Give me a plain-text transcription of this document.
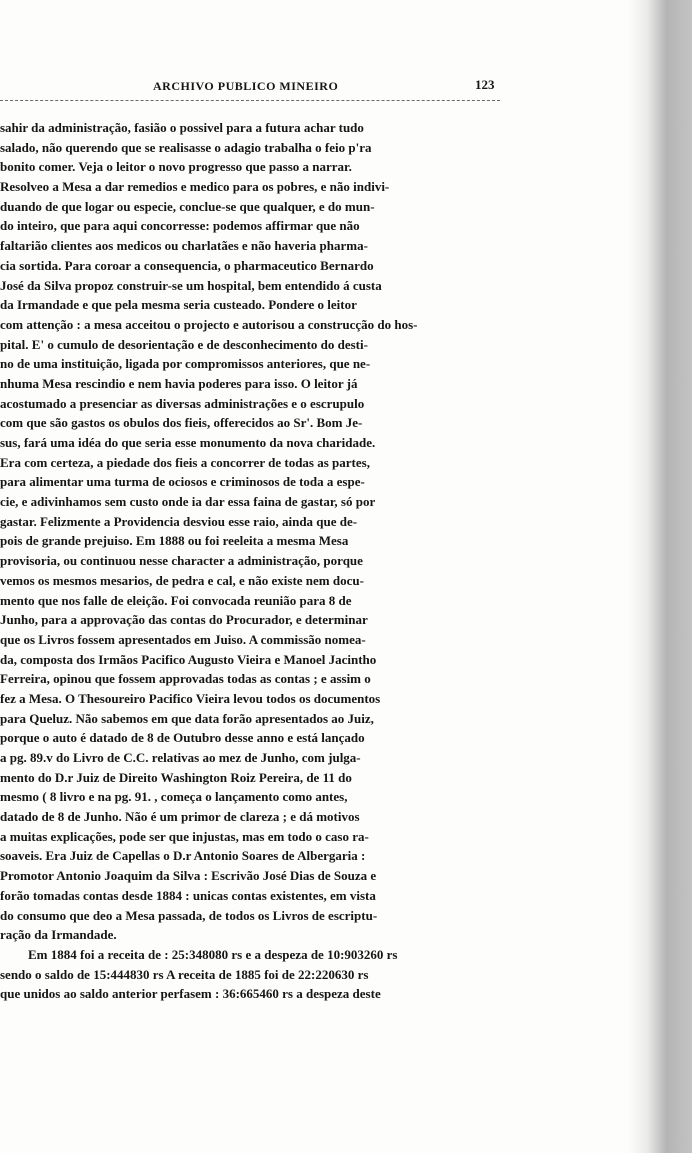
ARCHIVO PUBLICO MINEIRO	123
sahir da administração, fasião o possivel para a futura achar tudo
salado, não querendo que se realisasse o adagio trabalha o feio p'ra
bonito comer. Veja o leitor o novo progresso que passo a narrar.
Resolveo a Mesa a dar remedios e medico para os pobres, e não indivi-
duando de que logar ou especie, conclue-se que qualquer, e do mun-
do inteiro, que para aqui concorresse: podemos affirmar que não
faltarião clientes aos medicos ou charlatães e não haveria pharma-
cia sortida. Para coroar a consequencia, o pharmaceutico Bernardo
José da Silva propoz construir-se um hospital, bem entendido á custa
da Irmandade e que pela mesma seria custeado. Pondere o leitor
com attenção : a mesa acceitou o projecto e autorisou a construcção do hos-
pital. E' o cumulo de desorientação e de desconhecimento do desti-
no de uma instituição, ligada por compromissos anteriores, que ne-
nhuma Mesa rescindio e nem havia poderes para isso. O leitor já
acostumado a presenciar as diversas administrações e o escrupulo
com que são gastos os obulos dos fieis, offerecidos ao Sr'. Bom Je-
sus, fará uma idéa do que seria esse monumento da nova charidade.
Era com certeza, a piedade dos fieis a concorrer de todas as partes,
para alimentar uma turma de ociosos e criminosos de toda a espe-
cie, e adivinhamos sem custo onde ia dar essa faina de gastar, só por
gastar. Felizmente a Providencia desviou esse raio, ainda que de-
pois de grande prejuiso. Em 1888 ou foi reeleita a mesma Mesa
provisoria, ou continuou nesse character a administração, porque
vemos os mesmos mesarios, de pedra e cal, e não existe nem docu-
mento que nos falle de eleição. Foi convocada reunião para 8 de
Junho, para a approvação das contas do Procurador, e determinar
que os Livros fossem apresentados em Juiso. A commissão nomea-
da, composta dos Irmãos Pacifico Augusto Vieira e Manoel Jacintho
Ferreira, opinou que fossem approvadas todas as contas ; e assim o
fez a Mesa. O Thesoureiro Pacifico Vieira levou todos os documentos
para Queluz. Não sabemos em que data forão apresentados ao Juiz,
porque o auto é datado de 8 de Outubro desse anno e está lançado
a pg. 89.v do Livro de C.C. relativas ao mez de Junho, com julga-
mento do D.r Juiz de Direito Washington Roiz Pereira, de 11 do
mesmo ( 8 livro e na pg. 91. , começa o lançamento como antes,
datado de 8 de Junho. Não é um primor de clareza ; e dá motivos
a muitas explicações, pode ser que injustas, mas em todo o caso ra-
soaveis. Era Juiz de Capellas o D.r Antonio Soares de Albergaria :
Promotor Antonio Joaquim da Silva : Escrivão José Dias de Souza e
forão tomadas contas desde 1884 : unicas contas existentes, em vista
do consumo que deo a Mesa passada, de todos os Livros de escriptu-
ração da Irmandade.
Em 1884 foi a receita de : 25:348080 rs e a despeza de 10:903260 rs
sendo o saldo de 15:444830 rs A receita de 1885 foi de 22:220630 rs
que unidos ao saldo anterior perfasem : 36:665460 rs a despeza deste
